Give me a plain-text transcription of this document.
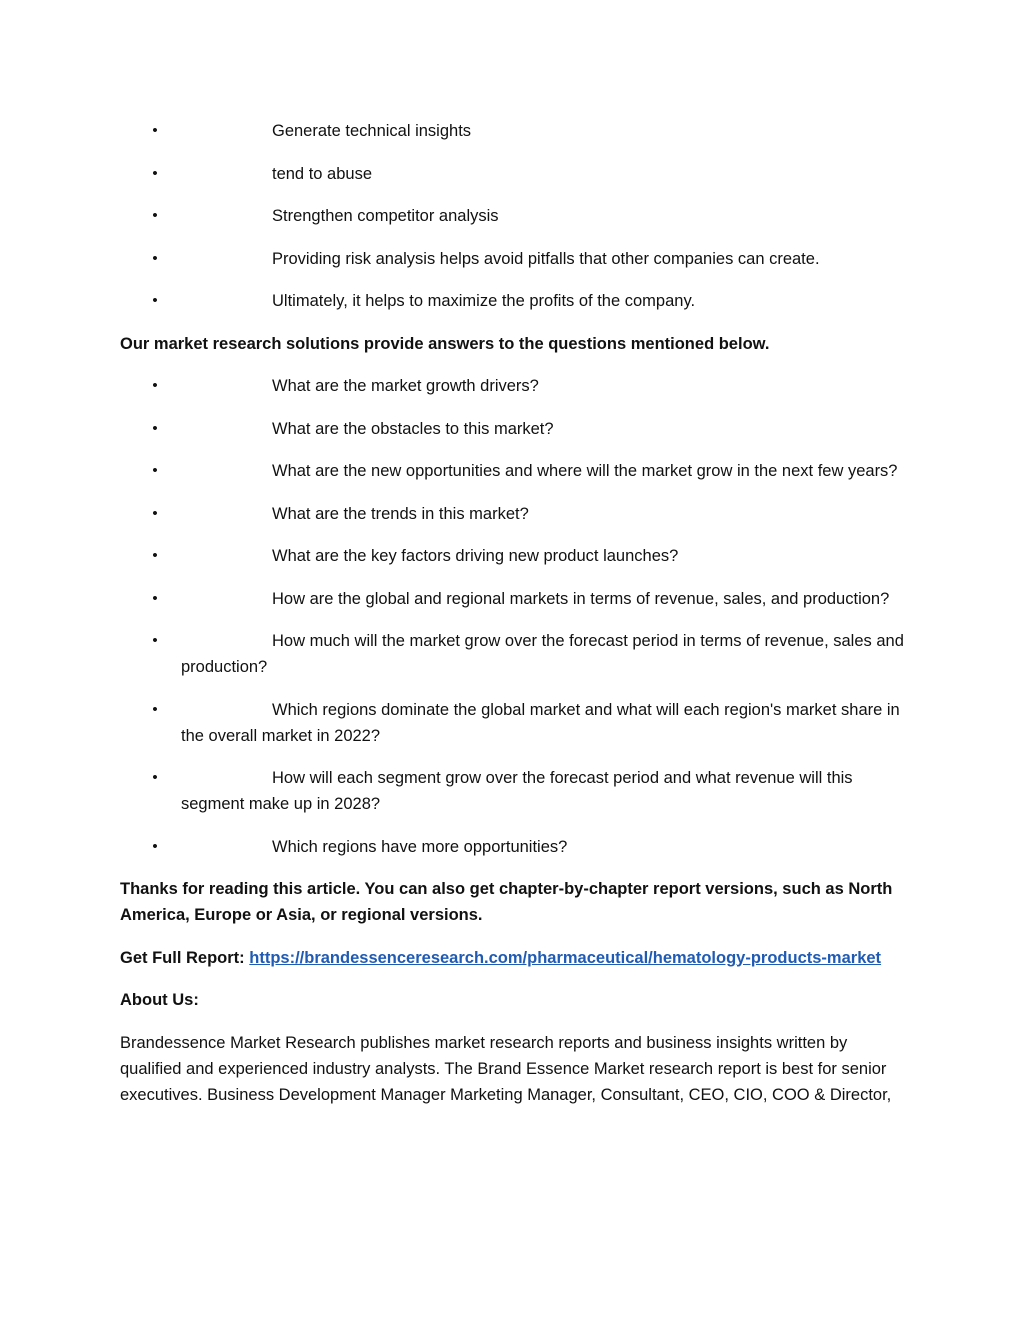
•	Generate technical insights
•	tend to abuse
•	Strengthen competitor analysis
•	Providing risk analysis helps avoid pitfalls that other companies can create.
•	Ultimately, it helps to maximize the profits of the company.

Our market research solutions provide answers to the questions mentioned below.

•	What are the market growth drivers?
•	What are the obstacles to this market?
•	What are the new opportunities and where will the market grow in the next few years?
•	What are the trends in this market?
•	What are the key factors driving new product launches?
•	How are the global and regional markets in terms of revenue, sales, and production?
•	How much will the market grow over the forecast period in terms of revenue, sales and production?
•	Which regions dominate the global market and what will each region's market share in the overall market in 2022?
•	How will each segment grow over the forecast period and what revenue will this segment make up in 2028?
•	Which regions have more opportunities?

Thanks for reading this article. You can also get chapter-by-chapter report versions, such as North America, Europe or Asia, or regional versions.

Get Full Report: https://brandessenceresearch.com/pharmaceutical/hematology-products-market

About Us:

Brandessence Market Research publishes market research reports and business insights written by qualified and experienced industry analysts. The Brand Essence Market research report is best for senior executives. Business Development Manager Marketing Manager, Consultant, CEO, CIO, COO & Director,
